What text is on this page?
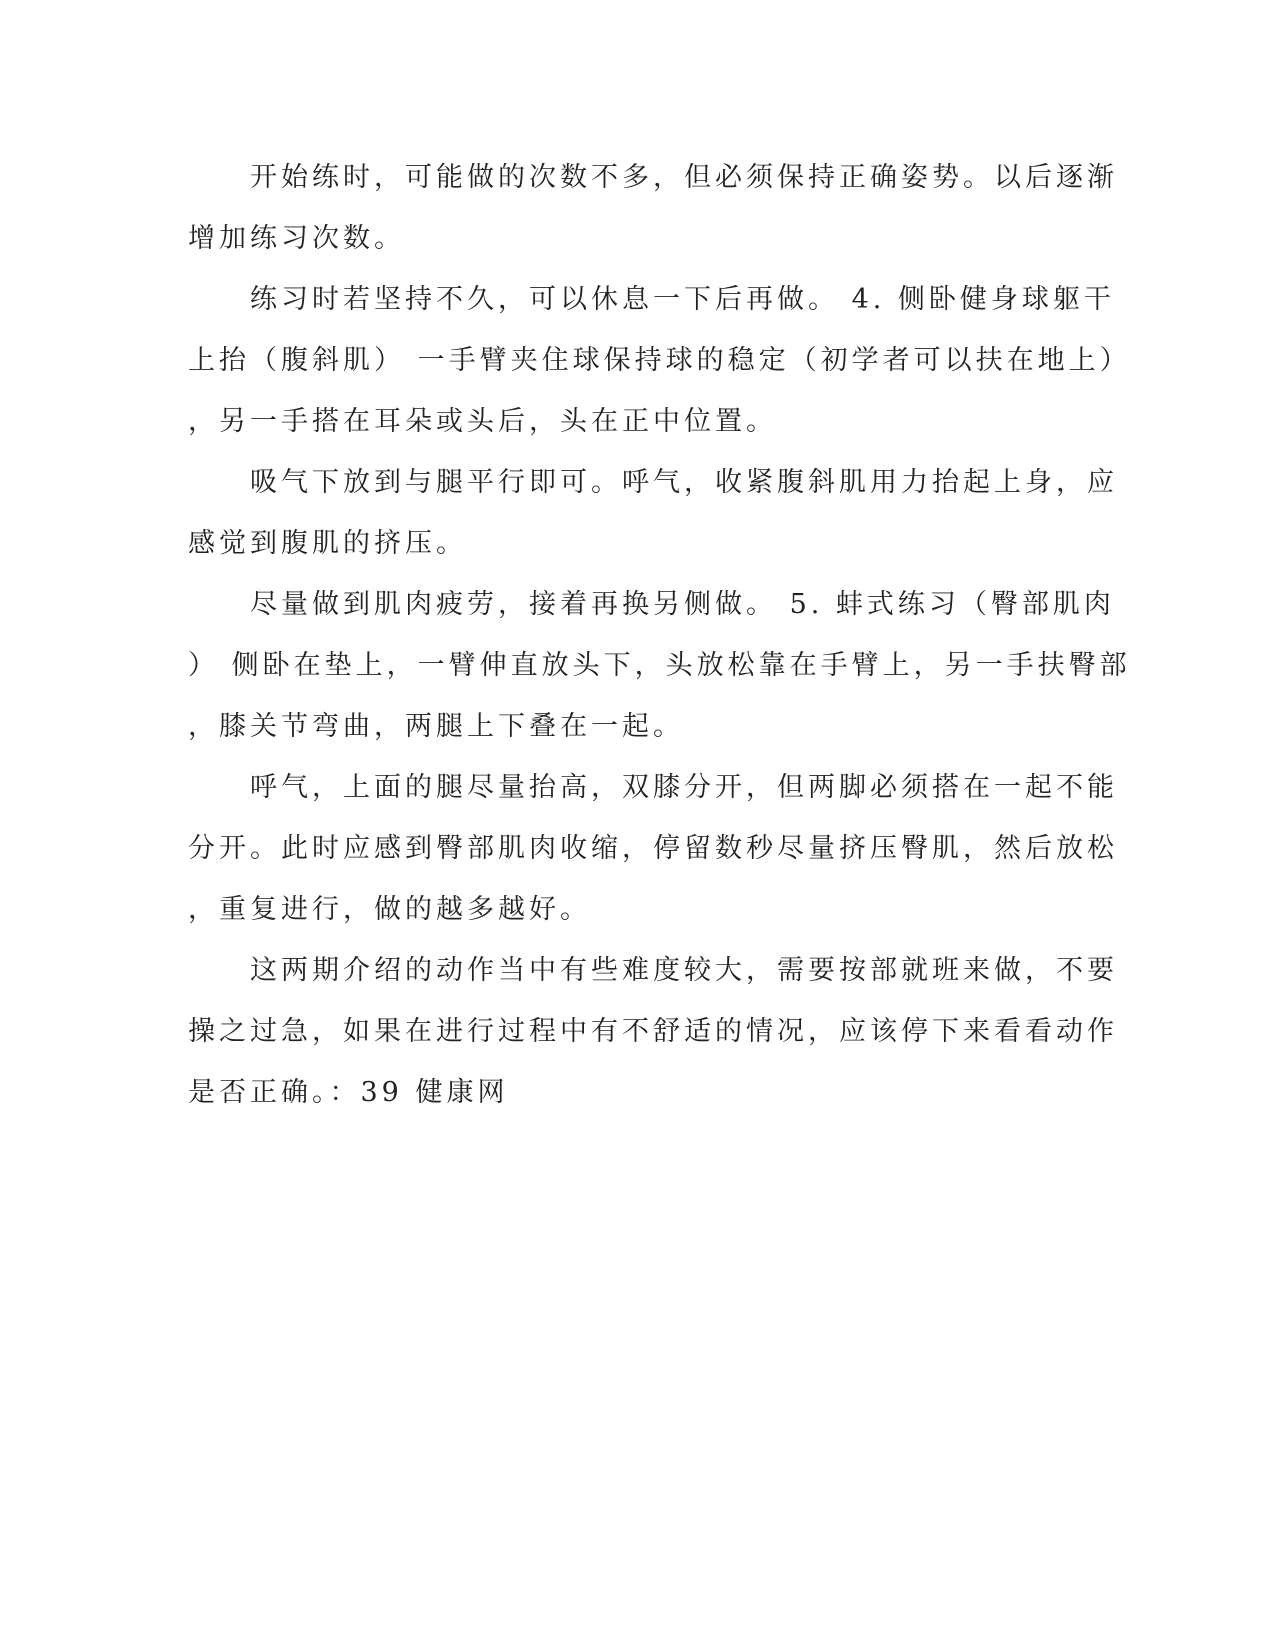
　　开始练时，可能做的次数不多，但必须保持正确姿势。以后逐渐
增加练习次数。
　　练习时若坚持不久，可以休息一下后再做。 4. 侧卧健身球躯干
上抬（腹斜肌） 一手臂夹住球保持球的稳定（初学者可以扶在地上）
，另一手搭在耳朵或头后，头在正中位置。
　　吸气下放到与腿平行即可。呼气，收紧腹斜肌用力抬起上身，应
感觉到腹肌的挤压。
　　尽量做到肌肉疲劳，接着再换另侧做。 5. 蚌式练习（臀部肌肉
） 侧卧在垫上，一臂伸直放头下，头放松靠在手臂上，另一手扶臀部
，膝关节弯曲，两腿上下叠在一起。
　　呼气，上面的腿尽量抬高，双膝分开，但两脚必须搭在一起不能
分开。此时应感到臀部肌肉收缩，停留数秒尽量挤压臀肌，然后放松
，重复进行，做的越多越好。
　　这两期介绍的动作当中有些难度较大，需要按部就班来做，不要
操之过急，如果在进行过程中有不舒适的情况，应该停下来看看动作
是否正确。：39 健康网
